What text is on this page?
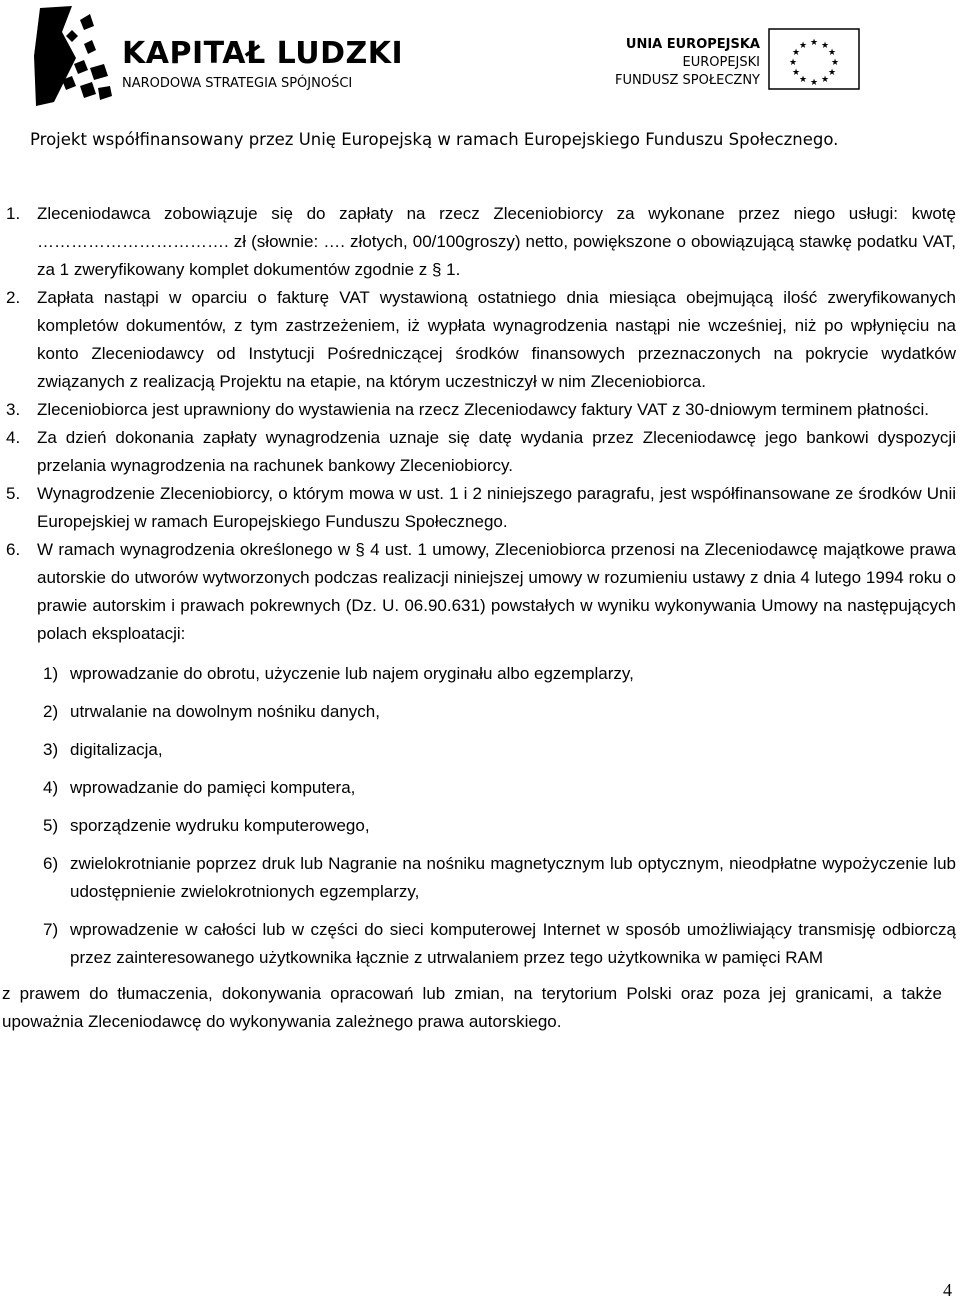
KAPITAŁ LUDZKI
NARODOWA STRATEGIA SPÓJNOŚCI
UNIA EUROPEJSKA
EUROPEJSKI
FUNDUSZ SPOŁECZNY
★ ★
★
★
★
★
★
★
★
★
★
★
Projekt współfinansowany przez Unię Europejską w ramach Europejskiego Funduszu Społecznego.
1. Zleceniodawca zobowiązuje się do zapłaty na rzecz Zleceniobiorcy za wykonane przez niego usługi: kwotę ……………………………. zł (słownie: …. złotych, 00/100groszy) netto, powiększone o obowiązującą stawkę podatku VAT, za 1 zweryfikowany komplet dokumentów zgodnie z § 1.
2. Zapłata nastąpi w oparciu o fakturę VAT wystawioną ostatniego dnia miesiąca obejmującą ilość zweryfikowanych kompletów dokumentów, z tym zastrzeżeniem, iż wypłata wynagrodzenia nastąpi nie wcześniej, niż po wpłynięciu na konto Zleceniodawcy od Instytucji Pośredniczącej środków finansowych przeznaczonych na pokrycie wydatków związanych z realizacją Projektu na etapie, na którym uczestniczył w nim Zleceniobiorca.
3. Zleceniobiorca jest uprawniony do wystawienia na rzecz Zleceniodawcy faktury VAT z 30-dniowym terminem płatności.
4. Za dzień dokonania zapłaty wynagrodzenia uznaje się datę wydania przez Zleceniodawcę jego bankowi dyspozycji przelania wynagrodzenia na rachunek bankowy Zleceniobiorcy.
5. Wynagrodzenie Zleceniobiorcy, o którym mowa w ust. 1 i 2 niniejszego paragrafu, jest współfinansowane ze środków Unii Europejskiej w ramach Europejskiego Funduszu Społecznego.
6. W ramach wynagrodzenia określonego w § 4 ust. 1 umowy, Zleceniobiorca przenosi na Zleceniodawcę majątkowe prawa autorskie do utworów wytworzonych podczas realizacji niniejszej umowy w rozumieniu ustawy z dnia 4 lutego 1994 roku o prawie autorskim i prawach pokrewnych (Dz. U. 06.90.631) powstałych w wyniku wykonywania Umowy na następujących polach eksploatacji:
1) wprowadzanie do obrotu, użyczenie lub najem oryginału albo egzemplarzy,
2) utrwalanie na dowolnym nośniku danych,
3) digitalizacja,
4) wprowadzanie do pamięci komputera,
5) sporządzenie wydruku komputerowego,
6) zwielokrotnianie poprzez druk lub Nagranie na nośniku magnetycznym lub optycznym, nieodpłatne wypożyczenie lub udostępnienie zwielokrotnionych egzemplarzy,
7) wprowadzenie w całości lub w części do sieci komputerowej Internet w sposób umożliwiający transmisję odbiorczą przez zainteresowanego użytkownika łącznie z utrwalaniem przez tego użytkownika w pamięci RAM
z prawem do tłumaczenia, dokonywania opracowań lub zmian, na terytorium Polski oraz poza jej granicami, a także upoważnia Zleceniodawcę do wykonywania zależnego prawa autorskiego.
4
